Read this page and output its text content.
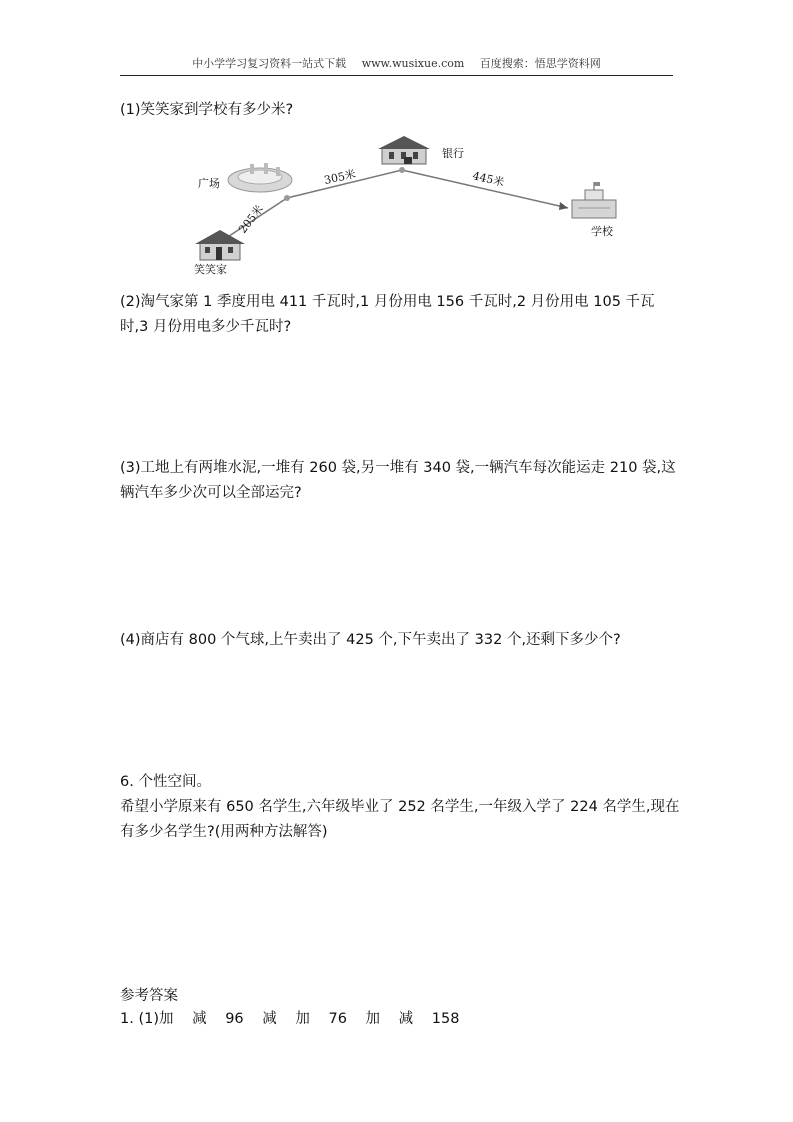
中小学学习复习资料一站式下载 www.wusixue.com 百度搜索：悟思学资料网
(1)笑笑家到学校有多少米?
广场
银行
学校
笑笑家
205米
305米	445米
(2)淘气家第 1 季度用电 411 千瓦时,1 月份用电 156 千瓦时,2 月份用电 105 千瓦时,3 月份用电多少千瓦时?
(3)工地上有两堆水泥,一堆有 260 袋,另一堆有 340 袋,一辆汽车每次能运走 210 袋,这辆汽车多少次可以全部运完?
(4)商店有 800 个气球,上午卖出了 425 个,下午卖出了 332 个,还剩下多少个?
6. 个性空间。
希望小学原来有 650 名学生,六年级毕业了 252 名学生,一年级入学了 224 名学生,现在有多少名学生?(用两种方法解答)
参考答案
1. (1)加 减 96 减 加 76 加 减 158
